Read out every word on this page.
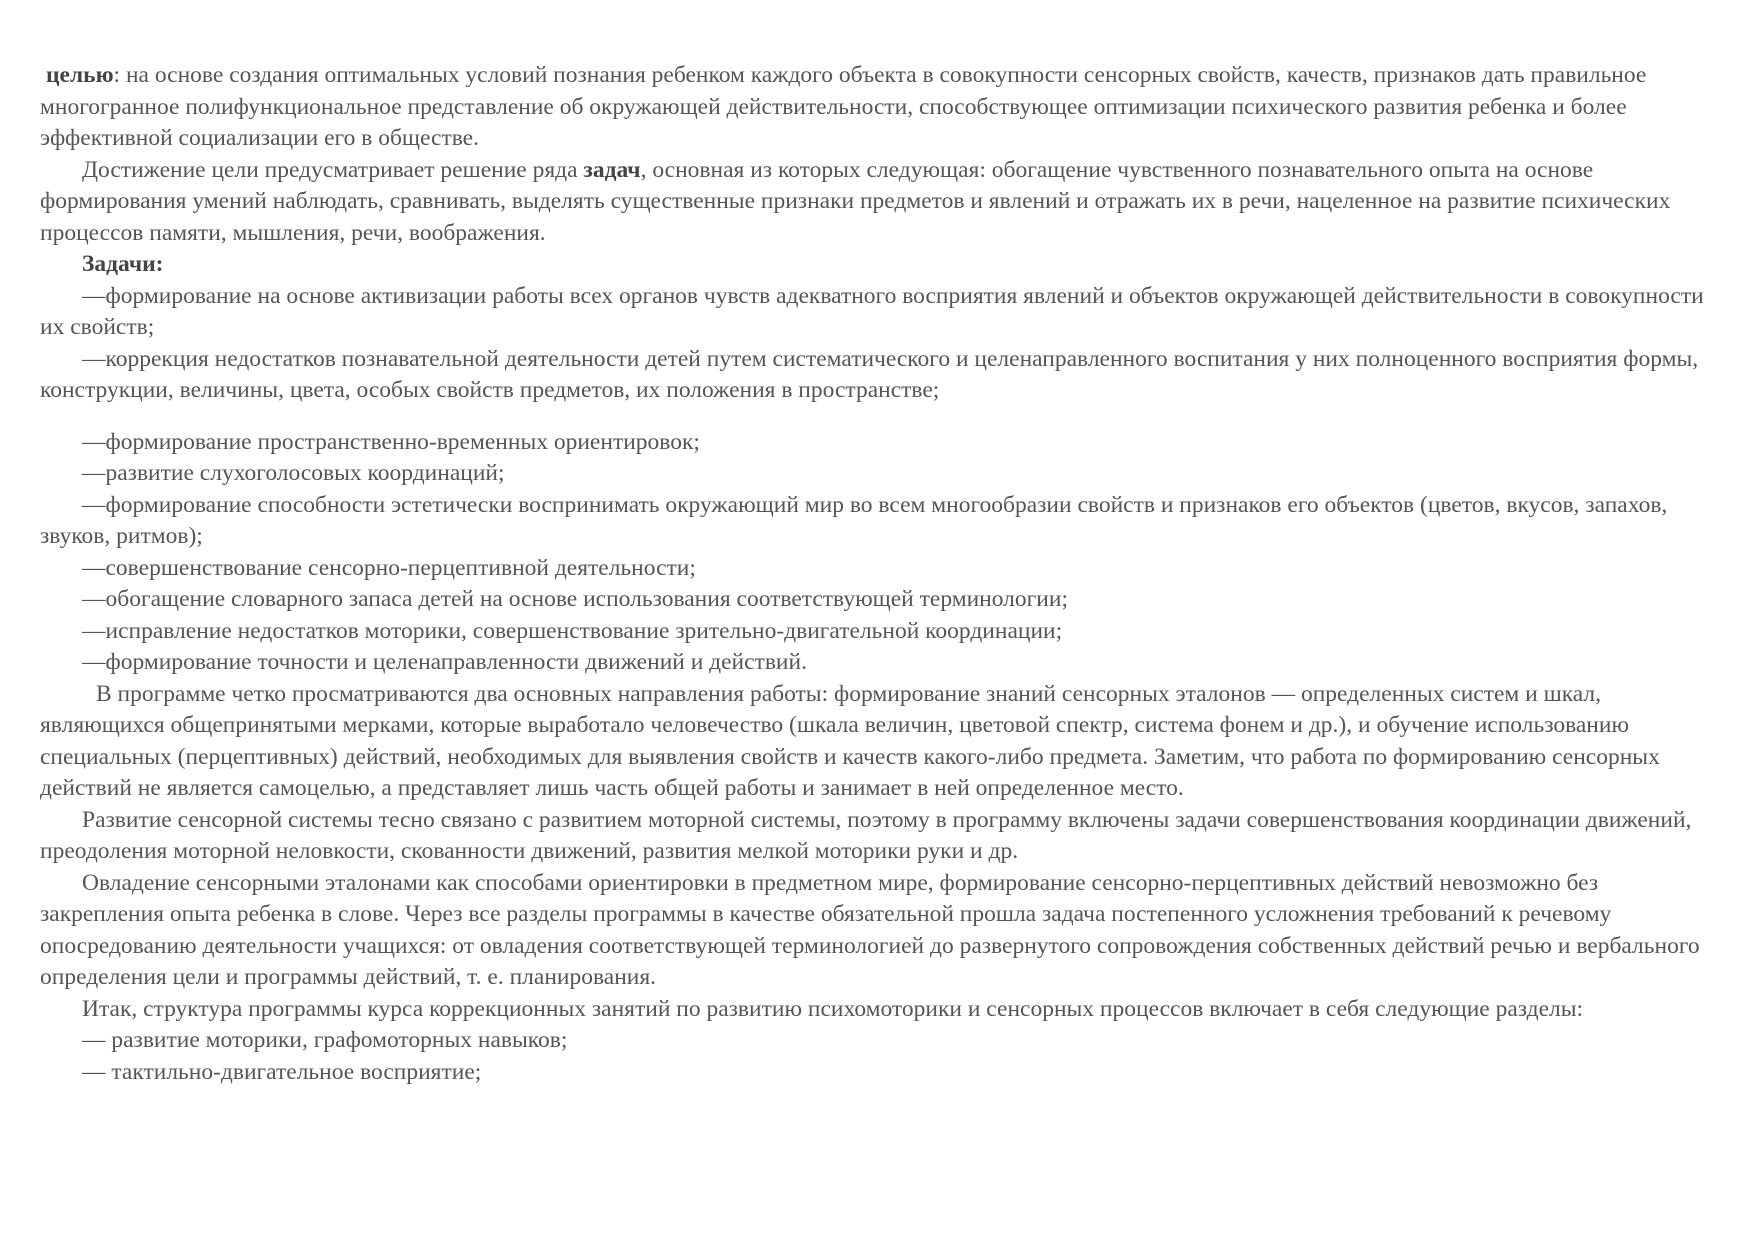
целью: на основе создания оптимальных условий познания ребенком каждого объекта в совокупности сенсорных свойств, качеств, признаков дать правильное многогранное полифункциональное представление об окружающей действительности, способствующее оптимизации психического развития ребенка и более эффективной социализации его в обществе.

Достижение цели предусматривает решение ряда задач, основная из которых следующая: обогащение чувственного познавательного опыта на основе формирования умений наблюдать, сравнивать, выделять существенные признаки предметов и явлений и отражать их в речи, нацеленное на развитие психических процессов памяти, мышления, речи, воображения.

Задачи:

—формирование на основе активизации работы всех органов чувств адекватного восприятия явлений и объектов окружающей действительности в совокупности их свойств;

—коррекция недостатков познавательной деятельности детей путем систематического и целенаправленного воспитания у них полноценного восприятия формы, конструкции, величины, цвета, особых свойств предметов, их положения в пространстве;

—формирование пространственно-временных ориентировок;

—развитие слухоголосовых координаций;

—формирование способности эстетически воспринимать окружающий мир во всем многообразии свойств и признаков его объектов (цветов, вкусов, запахов, звуков, ритмов);

—совершенствование сенсорно-перцептивной деятельности;

—обогащение словарного запаса детей на основе использования соответствующей терминологии;

—исправление недостатков моторики, совершенствование зрительно-двигательной координации;

—формирование точности и целенаправленности движений и действий.

В программе четко просматриваются два основных направления работы: формирование знаний сенсорных эталонов — определенных систем и шкал, являющихся общепринятыми мерками, которые выработало человечество (шкала величин, цветовой спектр, система фонем и др.), и обучение использованию специальных (перцептивных) действий, необходимых для выявления свойств и качеств какого-либо предмета. Заметим, что работа по формированию сенсорных действий не является самоцелью, а представляет лишь часть общей работы и занимает в ней определенное место.

Развитие сенсорной системы тесно связано с развитием моторной системы, поэтому в программу включены задачи совершенствования координации движений, преодоления моторной неловкости, скованности движений, развития мелкой моторики руки и др.

Овладение сенсорными эталонами как способами ориентировки в предметном мире, формирование сенсорно-перцептивных действий невозможно без закрепления опыта ребенка в слове. Через все разделы программы в качестве обязательной прошла задача постепенного усложнения требований к речевому опосредованию деятельности учащихся: от овладения соответствующей терминологией до развернутого сопровождения собственных действий речью и вербального определения цели и программы действий, т. е. планирования.

Итак, структура программы курса коррекционных занятий по развитию психомоторики и сенсорных процессов включает в себя следующие разделы:

— развитие моторики, графомоторных навыков;

— тактильно-двигательное восприятие;
